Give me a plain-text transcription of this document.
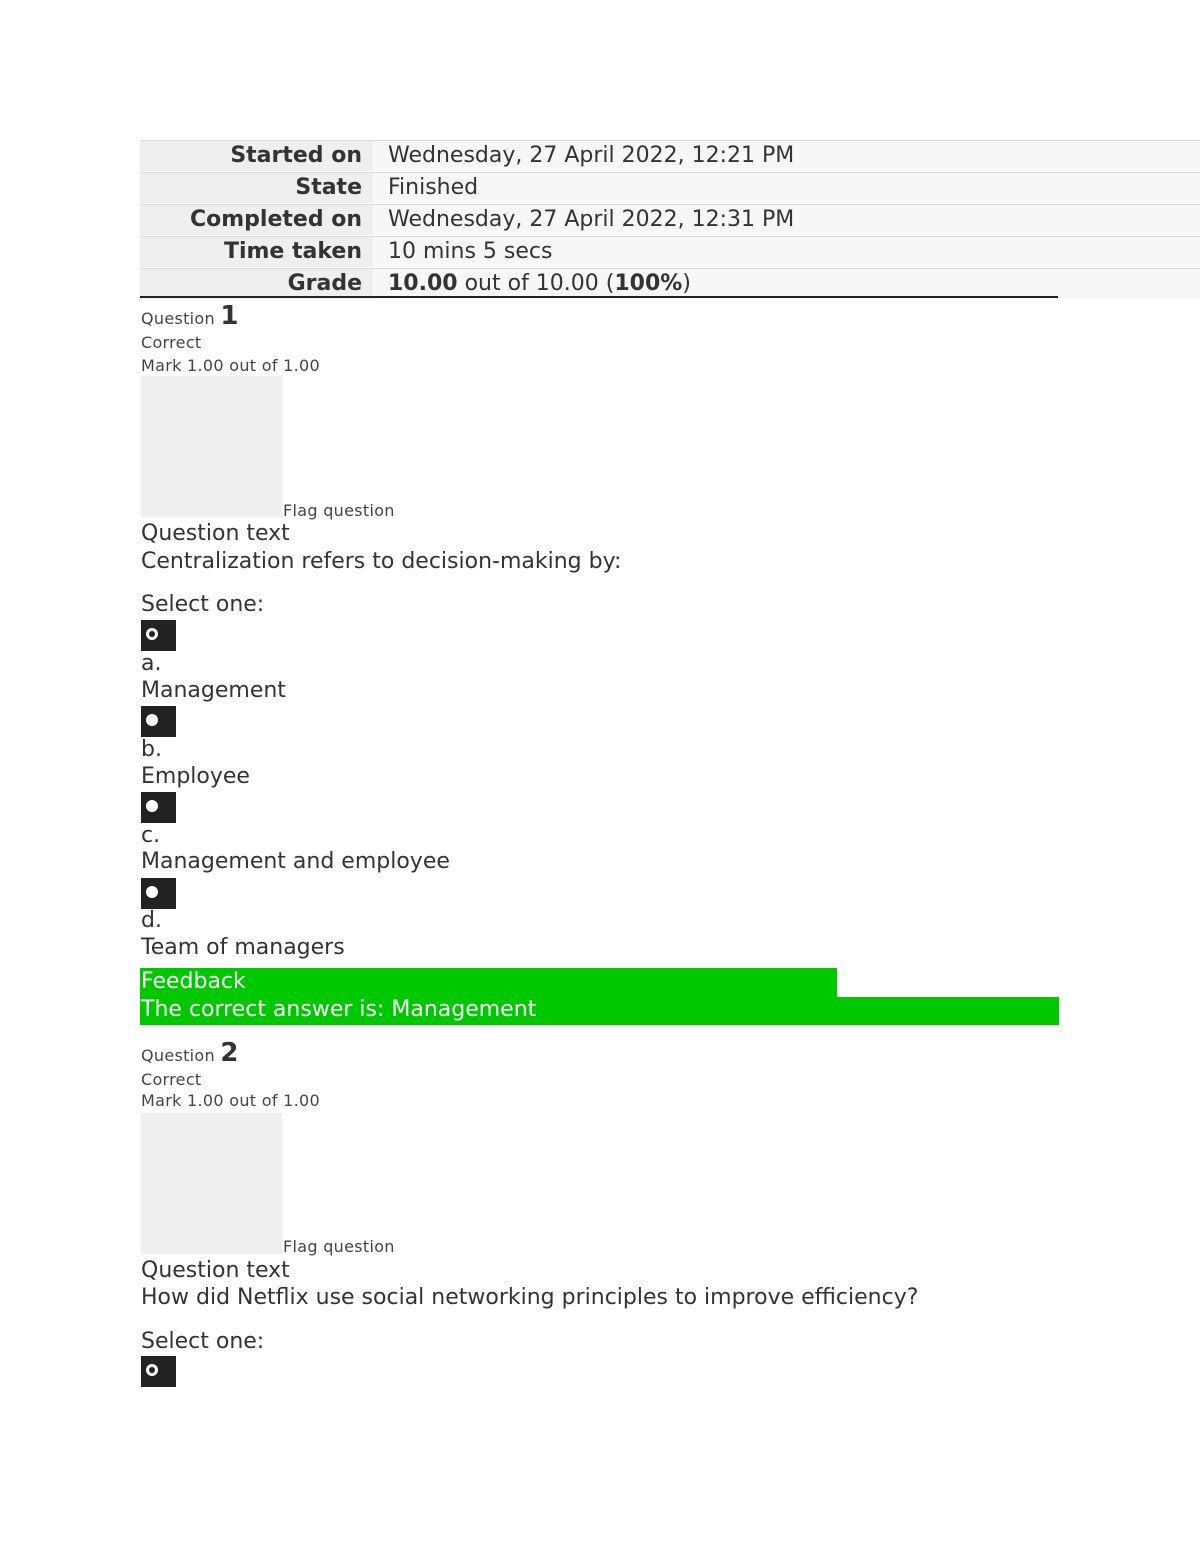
Started on	Wednesday, 27 April 2022, 12:21 PM
State	Finished
Completed on	Wednesday, 27 April 2022, 12:31 PM
Time taken	10 mins 5 secs
Grade	10.00 out of 10.00 (100%)
Question 1
Correct
Mark 1.00 out of 1.00
Flag question
Question text
Centralization refers to decision-making by:
Select one:
a.
Management
b.
Employee
c.
Management and employee
d.
Team of managers
Feedback
The correct answer is: Management
Question 2
Correct
Mark 1.00 out of 1.00
Flag question
Question text
How did Netflix use social networking principles to improve efficiency?
Select one:
